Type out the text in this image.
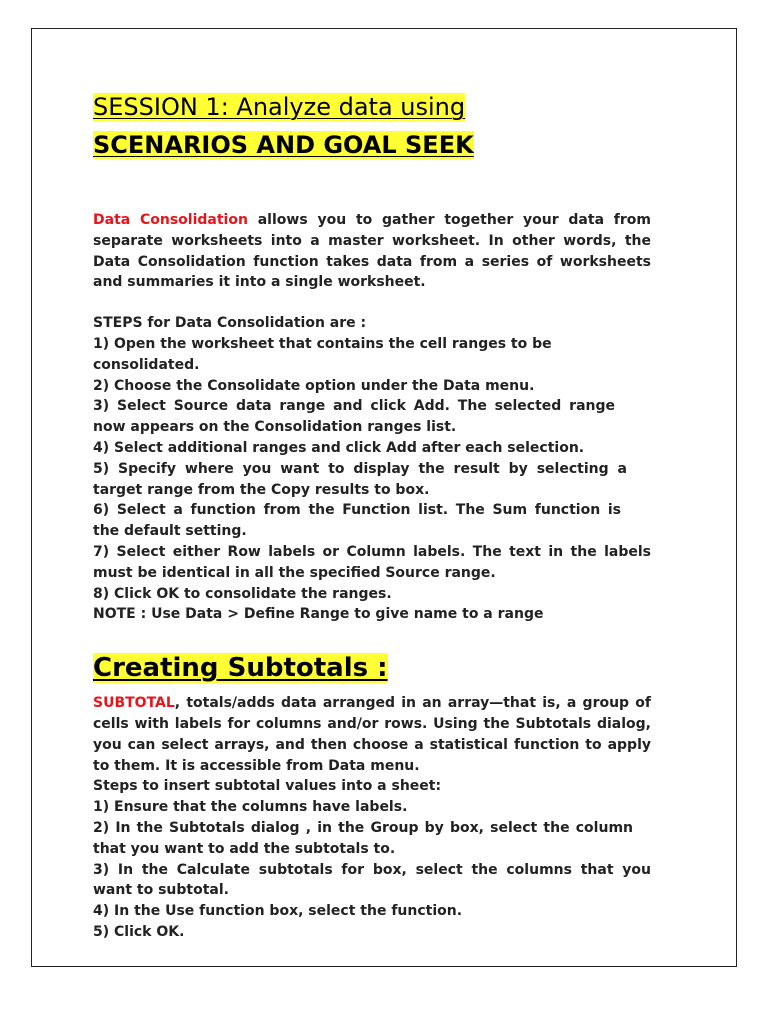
SESSION 1: Analyze data using
SCENARIOS AND GOAL SEEK

Data Consolidation allows you to gather together your data from separate worksheets into a master worksheet. In other words, the Data Consolidation function takes data from a series of worksheets and summaries it into a single worksheet.

STEPS for Data Consolidation are :

1) Open the worksheet that contains the cell ranges to be consolidated.

2) Choose the Consolidate option under the Data menu.

3) Select Source data range and click Add. The selected range now appears on the Consolidation ranges list.

4) Select additional ranges and click Add after each selection.

5) Specify where you want to display the result by selecting a target range from the Copy results to box.

6) Select a function from the Function list. The Sum function is the default setting.

7) Select either Row labels or Column labels. The text in the labels must be identical in all the specified Source range.

8) Click OK to consolidate the ranges.

NOTE : Use Data > Define Range to give name to a range

Creating Subtotals :

SUBTOTAL, totals/adds data arranged in an array—that is, a group of cells with labels for columns and/or rows. Using the Subtotals dialog, you can select arrays, and then choose a statistical function to apply to them. It is accessible from Data menu.

Steps to insert subtotal values into a sheet:

1) Ensure that the columns have labels.

2) In the Subtotals dialog , in the Group by box, select the column that you want to add the subtotals to.

3) In the Calculate subtotals for box, select the columns that you want to subtotal.

4) In the Use function box, select the function.

5) Click OK.
